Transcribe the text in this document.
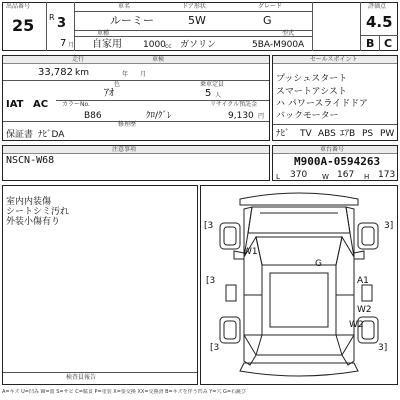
出品番号
25 R 3
7 月
車名	ドア形状	グレード
ルーミー	5W	G
車種	型式
自家用 1000 cc ガソリン	5BA-M900A
評価点
4.5
B C
走行	車検
33,782 km	年 月
色	乗車定員
ｱｵ	5 人
IAT AC カラーNo.	リサイクル預託金
B86	ｸﾛ/ｸﾞﾚ	9,130 円
修理歴
保証書 ﾅﾋﾞDA
セールスポイント
プッシュスタート
スマートアシスト
ハ パワースライドドア
バックモーター
ﾅﾋﾞ TV ABS ｴｱB PS PW
注意事項
NSCN-W68
車台番号
M900A-0594263
L 370 W 167 H 173
室内内装傷
シートシミ汚れ
外装小傷有り
検査員報告
[3	3]
W1
G
[3	A1
W2
W2
[3	3]
A=キズ U=凹み W=波 S=サビ C=腐食 P=塗装 X=要交換 XX=交換済 B=キズを伴う凹み Y=穴 G=石跳び
